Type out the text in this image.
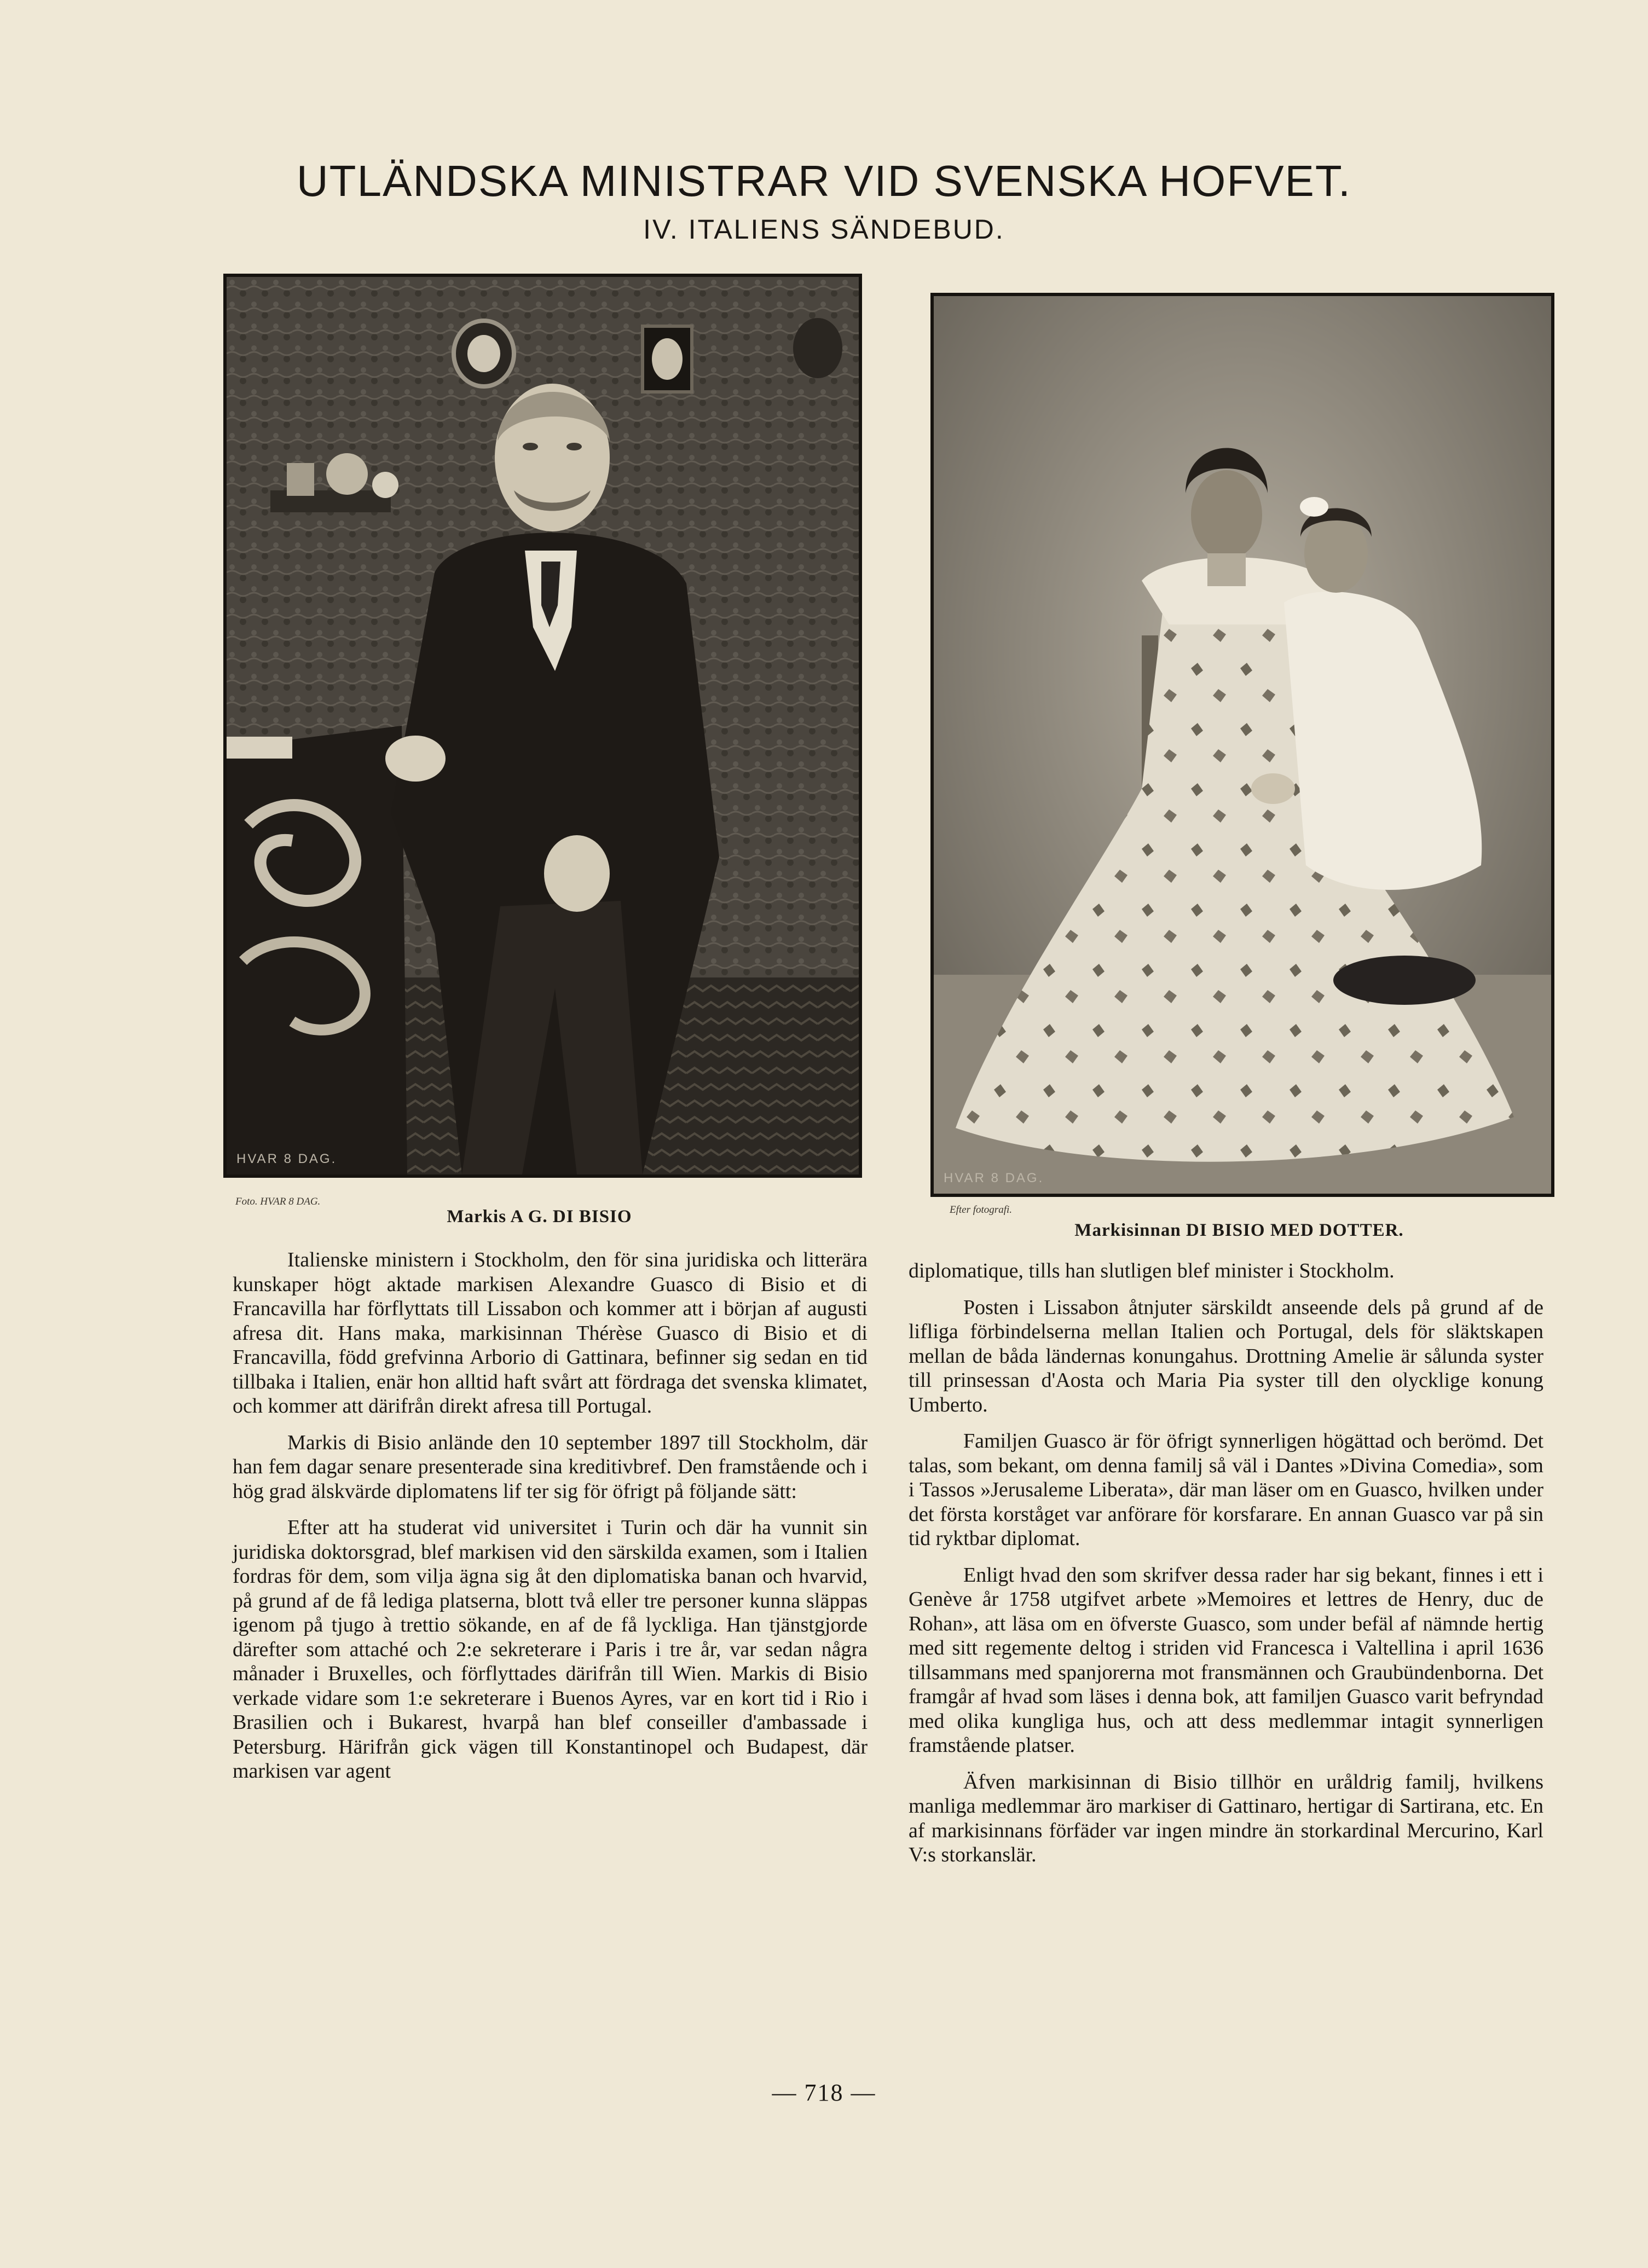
UTLÄNDSKA MINISTRAR VID SVENSKA HOFVET.
IV. ITALIENS SÄNDEBUD.
HVAR 8 DAG.
Foto. HVAR 8 DAG.
Markis A G. DI BISIO
HVAR 8 DAG.
Efter fotografi.
Markisinnan DI BISIO MED DOTTER.

Italienske ministern i Stockholm, den för sina juridiska och litterära kunskaper högt aktade markisen Alexandre Guasco di Bisio et di Francavilla har förflyttats till Lissabon och kommer att i början af augusti afresa dit. Hans maka, markisinnan Thérèse Guasco di Bisio et di Francavilla, född grefvinna Arborio di Gattinara, befinner sig sedan en tid tillbaka i Italien, enär hon alltid haft svårt att fördraga det svenska klimatet, och kommer att därifrån direkt afresa till Portugal.

Markis di Bisio anlände den 10 september 1897 till Stockholm, där han fem dagar senare presenterade sina kreditivbref. Den framstående och i hög grad älskvärde diplomatens lif ter sig för öfrigt på följande sätt:

Efter att ha studerat vid universitet i Turin och där ha vunnit sin juridiska doktorsgrad, blef markisen vid den särskilda examen, som i Italien fordras för dem, som vilja ägna sig åt den diplomatiska banan och hvarvid, på grund af de få lediga platserna, blott två eller tre personer kunna släppas igenom på tjugo à trettio sökande, en af de få lyckliga. Han tjänstgjorde därefter som attaché och 2:e sekreterare i Paris i tre år, var sedan några månader i Bruxelles, och förflyttades därifrån till Wien. Markis di Bisio verkade vidare som 1:e sekreterare i Buenos Ayres, var en kort tid i Rio i Brasilien och i Bukarest, hvarpå han blef conseiller d'ambassade i Petersburg. Härifrån gick vägen till Konstantinopel och Budapest, där markisen var agent

diplomatique, tills han slutligen blef minister i Stockholm.

Posten i Lissabon åtnjuter särskildt anseende dels på grund af de lifliga förbindelserna mellan Italien och Portugal, dels för släktskapen mellan de båda ländernas konungahus. Drottning Amelie är sålunda syster till prinsessan d'Aosta och Maria Pia syster till den olycklige konung Umberto.

Familjen Guasco är för öfrigt synnerligen högättad och berömd. Det talas, som bekant, om denna familj så väl i Dantes »Divina Comedia», som i Tassos »Jerusaleme Liberata», där man läser om en Guasco, hvilken under det första korståget var anförare för korsfarare. En annan Guasco var på sin tid ryktbar diplomat.

Enligt hvad den som skrifver dessa rader har sig bekant, finnes i ett i Genève år 1758 utgifvet arbete »Memoires et lettres de Henry, duc de Rohan», att läsa om en öfverste Guasco, som under befäl af nämnde hertig med sitt regemente deltog i striden vid Francesca i Valtellina i april 1636 tillsammans med spanjorerna mot fransmännen och Graubündenborna. Det framgår af hvad som läses i denna bok, att familjen Guasco varit befryndad med olika kungliga hus, och att dess medlemmar intagit synnerligen framstående platser.

Äfven markisinnan di Bisio tillhör en uråldrig familj, hvilkens manliga medlemmar äro markiser di Gattinaro, hertigar di Sartirana, etc. En af markisinnans förfäder var ingen mindre än storkardinal Mercurino, Karl V:s storkanslär.

— 718 —
